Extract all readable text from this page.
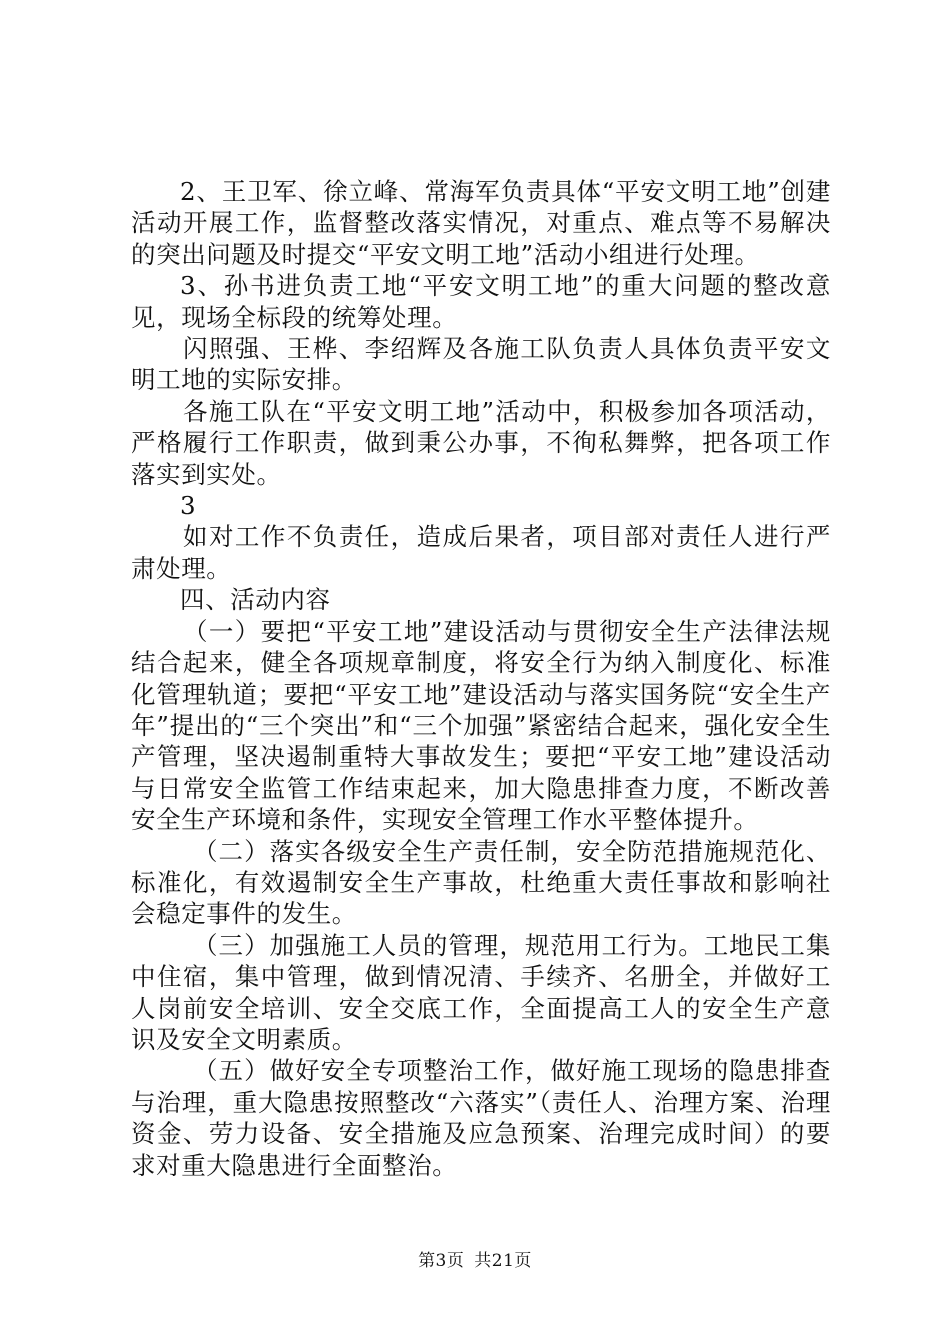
2、王卫军、徐立峰、常海军负责具体“平安文明工地”创建活动开展工作，监督整改落实情况，对重点、难点等不易解决的突出问题及时提交“平安文明工地”活动小组进行处理。

3、孙书进负责工地“平安文明工地”的重大问题的整改意见，现场全标段的统筹处理。

闪照强、王桦、李绍辉及各施工队负责人具体负责平安文明工地的实际安排。

各施工队在“平安文明工地”活动中，积极参加各项活动，严格履行工作职责，做到秉公办事，不徇私舞弊，把各项工作落实到实处。

3

如对工作不负责任，造成后果者，项目部对责任人进行严肃处理。

四、活动内容

（一）要把“平安工地”建设活动与贯彻安全生产法律法规结合起来，健全各项规章制度，将安全行为纳入制度化、标准化管理轨道；要把“平安工地”建设活动与落实国务院“安全生产年”提出的“三个突出”和“三个加强”紧密结合起来，强化安全生产管理，坚决遏制重特大事故发生；要把“平安工地”建设活动与日常安全监管工作结束起来，加大隐患排查力度，不断改善安全生产环境和条件，实现安全管理工作水平整体提升。

（二）落实各级安全生产责任制，安全防范措施规范化、标准化，有效遏制安全生产事故，杜绝重大责任事故和影响社会稳定事件的发生。

（三）加强施工人员的管理，规范用工行为。工地民工集中住宿，集中管理，做到情况清、手续齐、名册全，并做好工人岗前安全培训、安全交底工作，全面提高工人的安全生产意识及安全文明素质。

（五）做好安全专项整治工作，做好施工现场的隐患排查与治理，重大隐患按照整改“六落实”（责任人、治理方案、治理资金、劳力设备、安全措施及应急预案、治理完成时间）的要求对重大隐患进行全面整治。

第3页 共21页
